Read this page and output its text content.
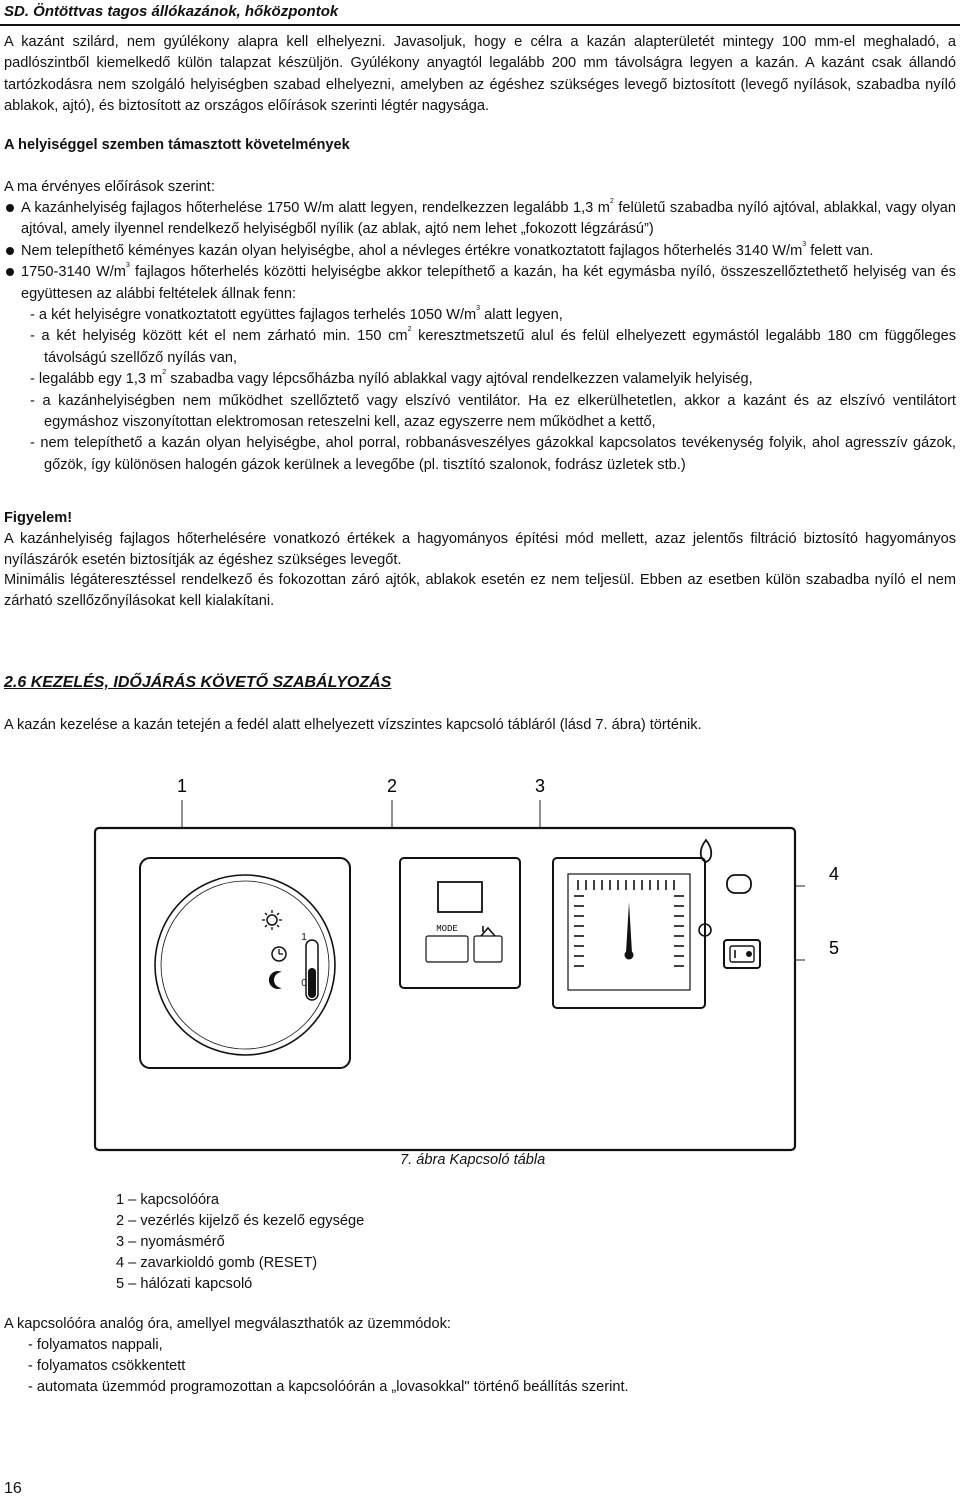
SD. Öntöttvas tagos állókazánok, hőközpontok
A kazánt szilárd, nem gyúlékony alapra kell elhelyezni. Javasoljuk, hogy e célra a kazán alapterületét mintegy 100 mm-el meghaladó, a padlószintből kiemelkedő külön talapzat készüljön. Gyúlékony anyagtól legalább 200 mm távolságra legyen a kazán. A kazánt csak állandó tartózkodásra nem szolgáló helyiségben szabad elhelyezni, amelyben az égéshez szükséges levegő biztosított (levegő nyílások, szabadba nyíló ablakok, ajtó), és biztosított az országos előírások szerinti légtér nagysága.
A helyiséggel szemben támasztott követelmények
A ma érvényes előírások szerint:
A kazánhelyiség fajlagos hőterhelése 1750 W/m alatt legyen, rendelkezzen legalább 1,3 $m^2$ felületű szabadba nyíló ajtóval, ablakkal, vagy olyan ajtóval, amely ilyennel rendelkező helyiségből nyílik (az ablak, ajtó nem lehet „fokozott légzárású”)
Nem telepíthető kéményes kazán olyan helyiségbe, ahol a névleges értékre vonatkoztatott fajlagos hőterhelés 3140 $W/m^3$ felett van.
1750-3140 $W/m^3$ fajlagos hőterhelés közötti helyiségbe akkor telepíthető a kazán, ha két egymásba nyíló, összeszellőztethető helyiség van és együttesen az alábbi feltételek állnak fenn:
- a két helyiségre vonatkoztatott együttes fajlagos terhelés 1050 $W/m^3$ alatt legyen,
- a két helyiség között két el nem zárható min. 150 $cm^2$ keresztmetszetű alul és felül elhelyezett egymástól legalább 180 cm függőleges távolságú szellőző nyílás van,
- legalább egy 1,3 $m^2$ szabadba vagy lépcsőházba nyíló ablakkal vagy ajtóval rendelkezzen valamelyik helyiség,
- a kazánhelyiségben nem működhet szellőztető vagy elszívó ventilátor. Ha ez elkerülhetetlen, akkor a kazánt és az elszívó ventilátort egymáshoz viszonyítottan elektromosan reteszelni kell, azaz egyszerre nem működhet a kettő,
- nem telepíthető a kazán olyan helyiségbe, ahol porral, robbanásveszélyes gázokkal kapcsolatos tevékenység folyik, ahol agresszív gázok, gőzök, így különösen halogén gázok kerülnek a levegőbe (pl. tisztító szalonok, fodrász üzletek stb.)
Figyelem!
A kazánhelyiség fajlagos hőterhelésére vonatkozó értékek a hagyományos építési mód mellett, azaz jelentős filtráció biztosító hagyományos nyílászárók esetén biztosítják az égéshez szükséges levegőt.
Minimális légáteresztéssel rendelkező és fokozottan záró ajtók, ablakok esetén ez nem teljesül. Ebben az esetben külön szabadba nyíló el nem zárható szellőzőnyílásokat kell kialakítani.
2.6 KEZELÉS, IDŐJÁRÁS KÖVETŐ SZABÁLYOZÁS
A kazán kezelése a kazán tetején a fedél alatt elhelyezett vízszintes kapcsoló tábláról (lásd 7. ábra) történik.
1	2	3
4
5
1
0
MODE
7. ábra Kapcsoló tábla
1 – kapcsolóóra
2 – vezérlés kijelző és kezelő egysége
3 – nyomásmérő
4 – zavarkioldó gomb (RESET)
5 – hálózati kapcsoló
A kapcsolóóra analóg óra, amellyel megválaszthatók az üzemmódok:
- folyamatos nappali,
- folyamatos csökkentett
- automata üzemmód programozottan a kapcsolóórán a „lovasokkal" történő beállítás szerint.
16
